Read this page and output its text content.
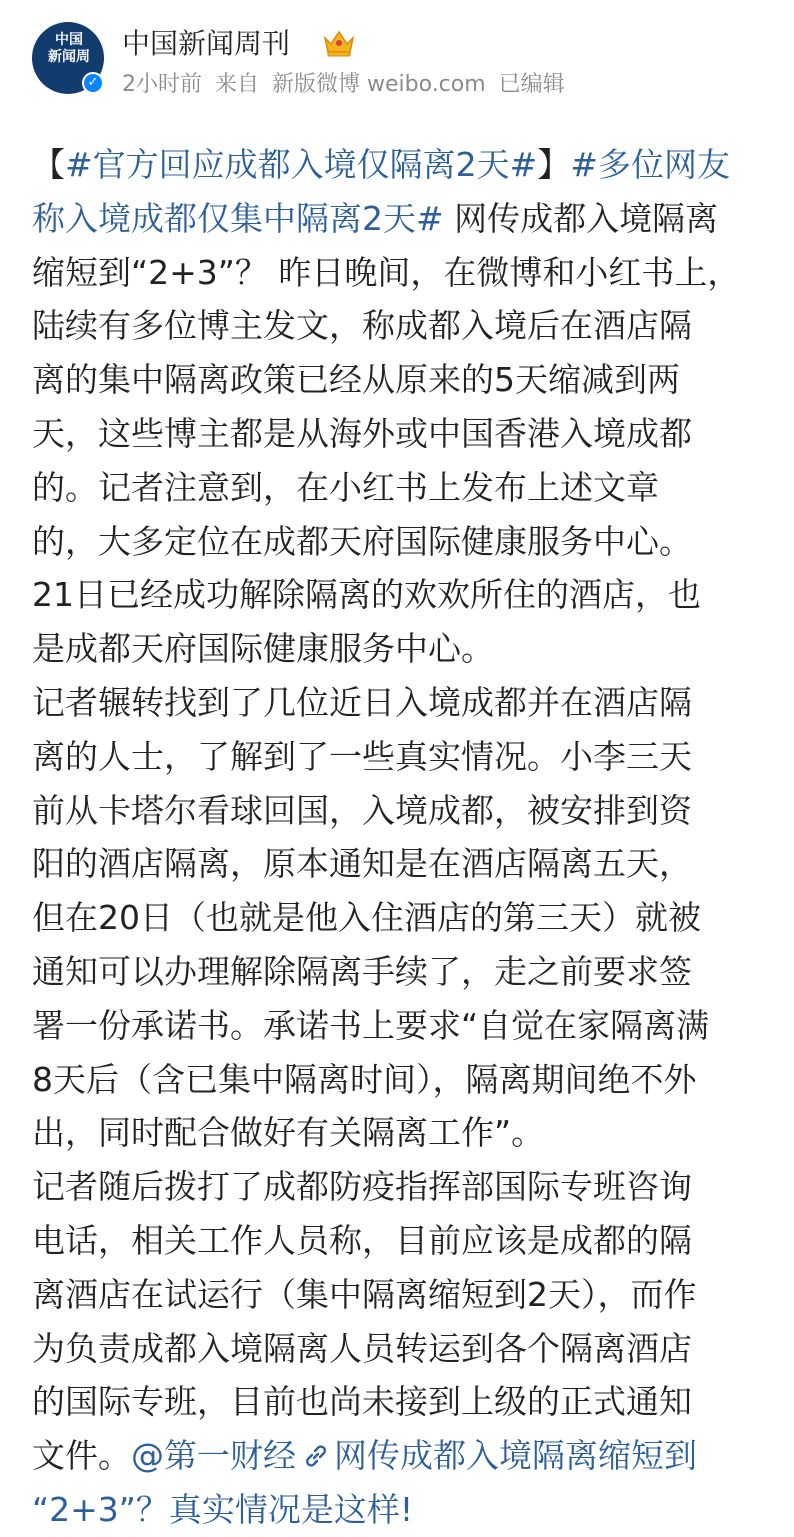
中国
新闻周
✓
中国新闻周刊
2小时前 来自 新版微博 weibo.com 已编辑
【#官方回应成都入境仅隔离2天#】#多位网友
称入境成都仅集中隔离2天# 网传成都入境隔离
缩短到“2+3”？ 昨日晚间，在微博和小红书上，
陆续有多位博主发文，称成都入境后在酒店隔
离的集中隔离政策已经从原来的5天缩减到两
天，这些博主都是从海外或中国香港入境成都
的。记者注意到，在小红书上发布上述文章
的，大多定位在成都天府国际健康服务中心。
21日已经成功解除隔离的欢欢所住的酒店，也
是成都天府国际健康服务中心。
记者辗转找到了几位近日入境成都并在酒店隔
离的人士，了解到了一些真实情况。小李三天
前从卡塔尔看球回国，入境成都，被安排到资
阳的酒店隔离，原本通知是在酒店隔离五天，
但在20日（也就是他入住酒店的第三天）就被
通知可以办理解除隔离手续了，走之前要求签
署一份承诺书。承诺书上要求“自觉在家隔离满
8天后（含已集中隔离时间），隔离期间绝不外
出，同时配合做好有关隔离工作”。
记者随后拨打了成都防疫指挥部国际专班咨询
电话，相关工作人员称，目前应该是成都的隔
离酒店在试运行（集中隔离缩短到2天），而作
为负责成都入境隔离人员转运到各个隔离酒店
的国际专班，目前也尚未接到上级的正式通知
文件。@第一财经 网传成都入境隔离缩短到
“2+3”？真实情况是这样!
